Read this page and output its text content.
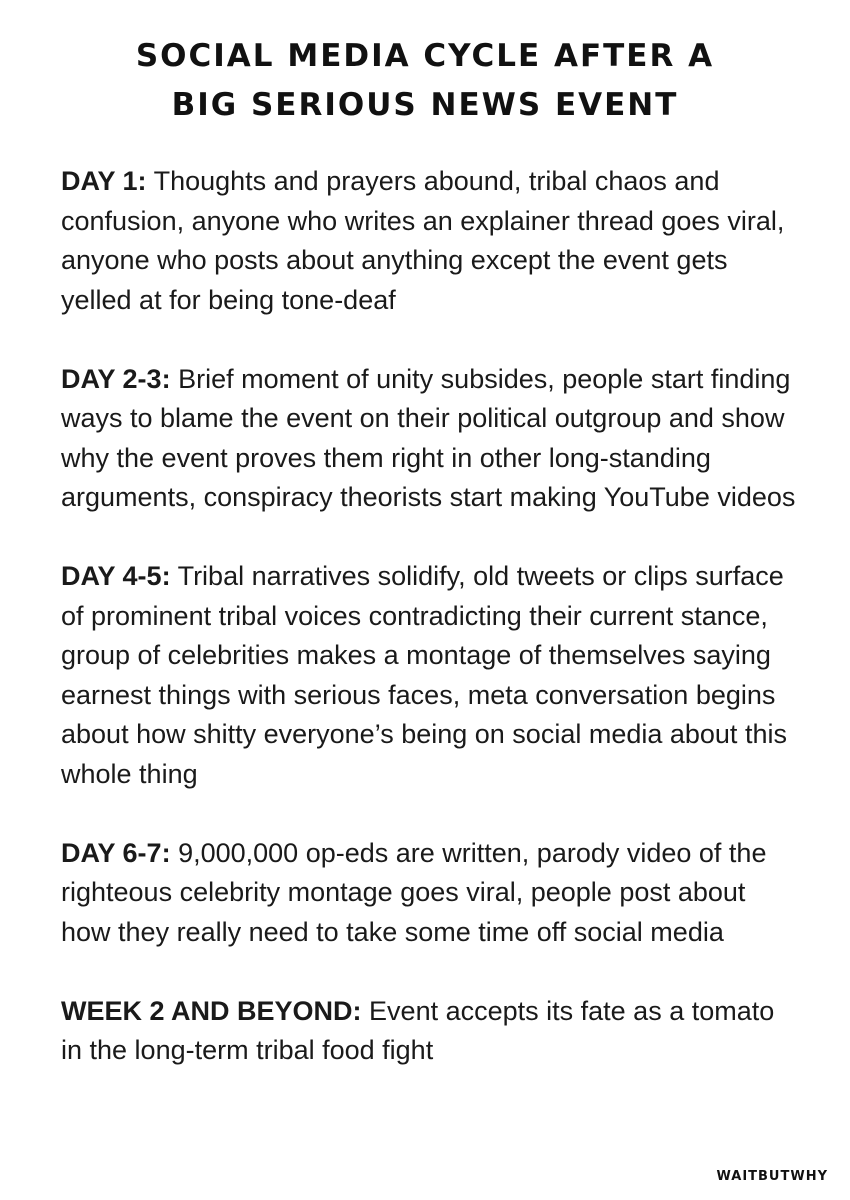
SOCIAL MEDIA CYCLE AFTER A
BIG SERIOUS NEWS EVENT

DAY 1: Thoughts and prayers abound, tribal chaos and confusion, anyone who writes an explainer thread goes viral, anyone who posts about anything except the event gets yelled at for being tone-deaf

DAY 2-3: Brief moment of unity subsides, people start finding ways to blame the event on their political outgroup and show why the event proves them right in other long-standing arguments, conspiracy theorists start making YouTube videos

DAY 4-5: Tribal narratives solidify, old tweets or clips surface of prominent tribal voices contradicting their current stance, group of celebrities makes a montage of themselves saying earnest things with serious faces, meta conversation begins about how shitty everyone’s being on social media about this whole thing

DAY 6-7: 9,000,000 op-eds are written, parody video of the righteous celebrity montage goes viral, people post about how they really need to take some time off social media

WEEK 2 AND BEYOND: Event accepts its fate as a tomato in the long-term tribal food fight

WAITBUTWHY
